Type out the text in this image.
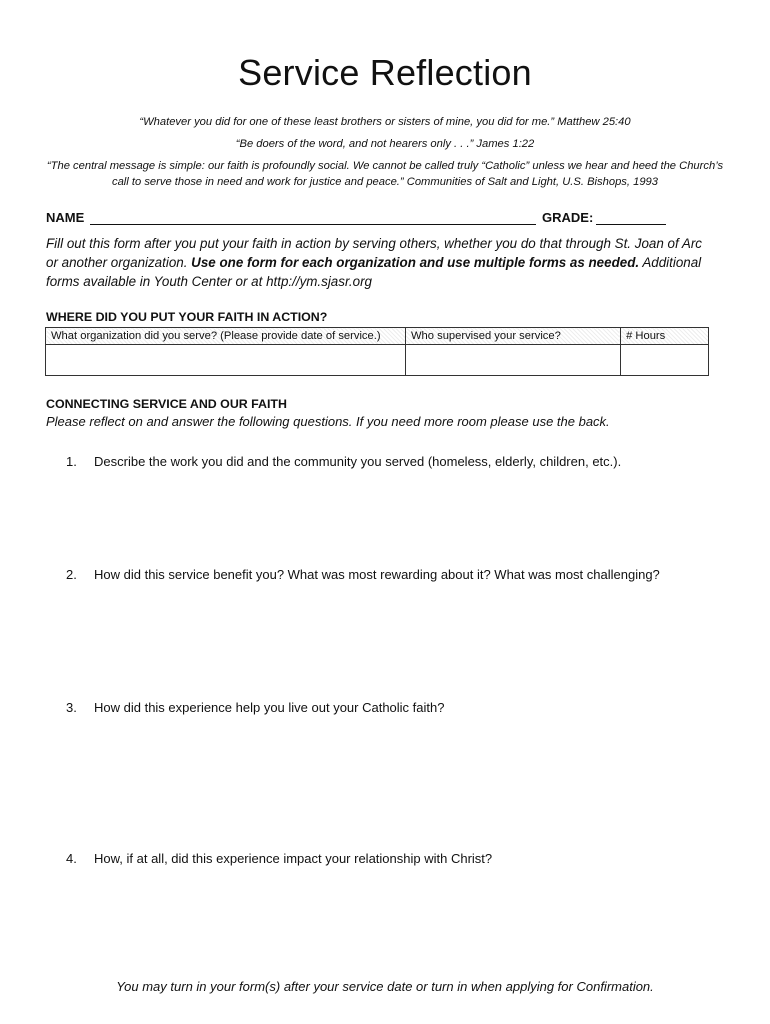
Service Reflection
“Whatever you did for one of these least brothers or sisters of mine, you did for me.” Matthew 25:40
“Be doers of the word, and not hearers only . . .” James 1:22
“The central message is simple: our faith is profoundly social. We cannot be called truly “Catholic” unless we hear and heed the Church’s call to serve those in need and work for justice and peace.” Communities of Salt and Light, U.S. Bishops, 1993
NAME	GRADE:
Fill out this form after you put your faith in action by serving others, whether you do that through St. Joan of Arc or another organization. Use one form for each organization and use multiple forms as needed. Additional forms available in Youth Center or at http://ym.sjasr.org
WHERE DID YOU PUT YOUR FAITH IN ACTION?
What organization did you serve? (Please provide date of service.)	Who supervised your service?	# Hours

CONNECTING SERVICE AND OUR FAITH
Please reflect on and answer the following questions. If you need more room please use the back.
1. Describe the work you did and the community you served (homeless, elderly, children, etc.).
2. How did this service benefit you? What was most rewarding about it? What was most challenging?
3. How did this experience help you live out your Catholic faith?
4. How, if at all, did this experience impact your relationship with Christ?
You may turn in your form(s) after your service date or turn in when applying for Confirmation.
